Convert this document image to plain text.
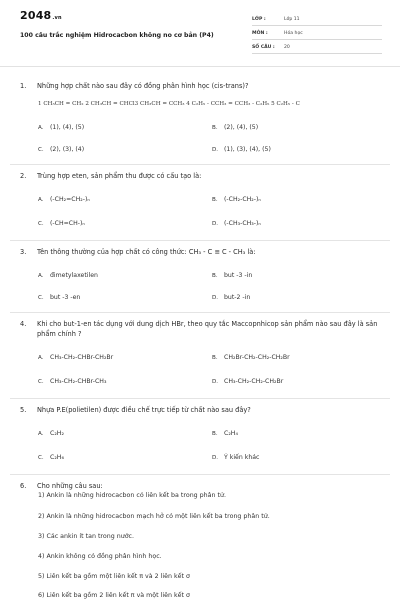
2048.vn
100 câu trắc nghiệm Hidrocacbon không no cơ bản (P4)
LỚP :	Lớp 11
MÔN :	Hóa học
SỐ CÂU : 20
1. Những hợp chất nào sau đây có đồng phân hình học (cis-trans)?
1 CH₃CH = CH₂ 2 CH₃CH = CHCl3 CH₃CH = CCH₃ 4 C₂H₅ - CCH₃ = CCH₃ - C₂H₅ 5 C₂H₅ - C
A. (1), (4), (5)	B. (2), (4), (5)
C. (2), (3), (4)	D. (1), (3), (4), (5)
2. Trùng hợp eten, sản phẩm thu được có cấu tạo là:
A. (-CH₂=CH₂-)ₙ	B. (-CH₂-CH₂-)ₙ
C. (-CH=CH-)ₙ	D. (-CH₃-CH₃-)ₙ
3. Tên thông thường của hợp chất có công thức: CH₃ - C ≡ C - CH₃ là:
A. đimetylaxetilen	B. but -3 -in
C. but -3 -en	D. but-2 -in
4. Khi cho but-1-en tác dụng với dung dịch HBr, theo quy tắc Maccopnhicop sản phẩm nào sau đây là sản phẩm chính ?
A. CH₃-CH₂-CHBr-CH₂Br	B. CH₂Br-CH₂-CH₂-CH₂Br
C. CH₃-CH₂-CHBr-CH₃	D. CH₃-CH₂-CH₂-CH₂Br
5. Nhựa P.E(polietilen) được điều chế trực tiếp từ chất nào sau đây?
A. C₂H₂	B. C₂H₄
C. C₂H₆	D. Ý kiến khác
6. Cho những câu sau:
1) Ankin là những hidrocacbon có liên kết ba trong phân tử.
2) Ankin là những hidrocacbon mạch hở có một liên kết ba trong phân tử.
3) Các ankin ít tan trong nước.
4) Ankin không có đồng phân hình học.
5) Liên kết ba gồm một liên kết π và 2 liên kết σ
6) Liên kết ba gồm 2 liên kết π và một liên kết σ
